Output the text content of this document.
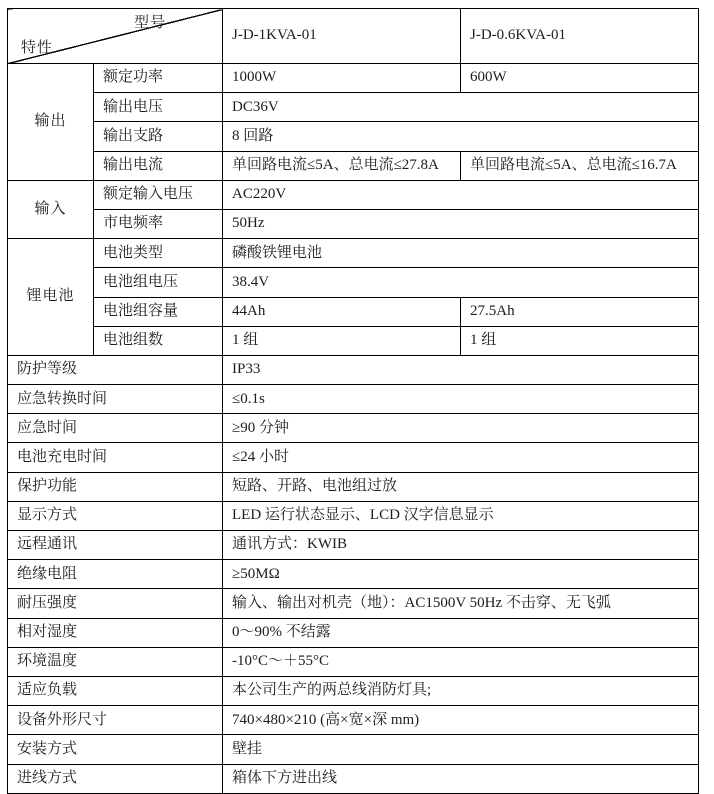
型号
特性		J-D-1KVA-01	J-D-0.6KVA-01
输出	额定功率	1000W	600W
	输出电压	DC36V	
	输出支路	8 回路	
	输出电流	单回路电流≤5A、总电流≤27.8A	单回路电流≤5A、总电流≤16.7A
输入	额定输入电压	AC220V	
	市电频率	50Hz	
锂电池	电池类型	磷酸铁锂电池	
	电池组电压	38.4V	
	电池组容量	44Ah	27.5Ah
	电池组数	1 组	1 组
防护等级		IP33	
应急转换时间		≤0.1s	
应急时间		≥90 分钟	
电池充电时间		≤24 小时	
保护功能		短路、开路、电池组过放	
显示方式		LED 运行状态显示、LCD 汉字信息显示	
远程通讯		通讯方式：KWIB	
绝缘电阻		≥50MΩ	
耐压强度		输入、输出对机壳（地）：AC1500V 50Hz 不击穿、无飞弧	
相对湿度		0～90% 不结露	
环境温度		-10°C～＋55°C	
适应负载		本公司生产的两总线消防灯具;	
设备外形尺寸		740×480×210 (高×宽×深 mm)	
安装方式		壁挂	
进线方式		箱体下方进出线	
